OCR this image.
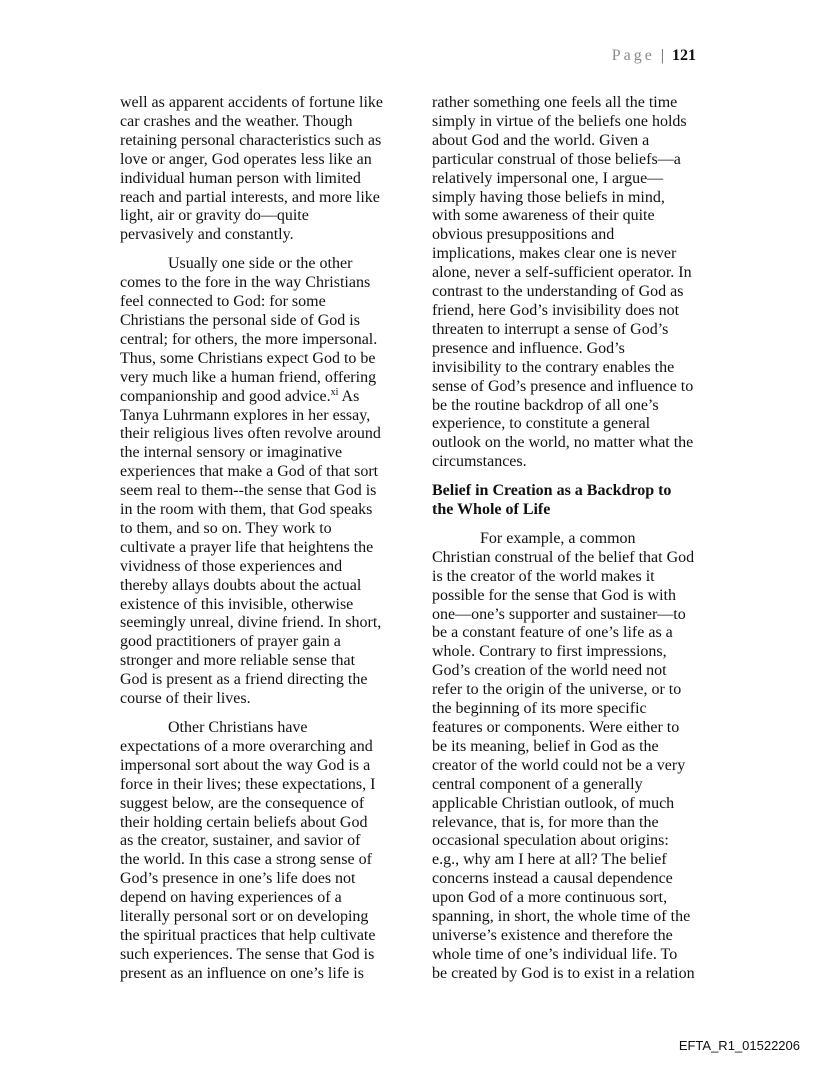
Page | 121
well as apparent accidents of fortune like
car crashes and the weather. Though
retaining personal characteristics such as
love or anger, God operates less like an
individual human person with limited
reach and partial interests, and more like
light, air or gravity do—quite
pervasively and constantly.
Usually one side or the other
comes to the fore in the way Christians
feel connected to God: for some
Christians the personal side of God is
central; for others, the more impersonal.
Thus, some Christians expect God to be
very much like a human friend, offering
companionship and good advice.$^{xi}$ As
Tanya Luhrmann explores in her essay,
their religious lives often revolve around
the internal sensory or imaginative
experiences that make a God of that sort
seem real to them--the sense that God is
in the room with them, that God speaks
to them, and so on. They work to
cultivate a prayer life that heightens the
vividness of those experiences and
thereby allays doubts about the actual
existence of this invisible, otherwise
seemingly unreal, divine friend. In short,
good practitioners of prayer gain a
stronger and more reliable sense that
God is present as a friend directing the
course of their lives.
Other Christians have
expectations of a more overarching and
impersonal sort about the way God is a
force in their lives; these expectations, I
suggest below, are the consequence of
their holding certain beliefs about God
as the creator, sustainer, and savior of
the world. In this case a strong sense of
God’s presence in one’s life does not
depend on having experiences of a
literally personal sort or on developing
the spiritual practices that help cultivate
such experiences. The sense that God is
present as an influence on one’s life is
rather something one feels all the time
simply in virtue of the beliefs one holds
about God and the world. Given a
particular construal of those beliefs—a
relatively impersonal one, I argue—
simply having those beliefs in mind,
with some awareness of their quite
obvious presuppositions and
implications, makes clear one is never
alone, never a self-sufficient operator. In
contrast to the understanding of God as
friend, here God’s invisibility does not
threaten to interrupt a sense of God’s
presence and influence. God’s
invisibility to the contrary enables the
sense of God’s presence and influence to
be the routine backdrop of all one’s
experience, to constitute a general
outlook on the world, no matter what the
circumstances.
Belief in Creation as a Backdrop to
the Whole of Life
For example, a common
Christian construal of the belief that God
is the creator of the world makes it
possible for the sense that God is with
one—one’s supporter and sustainer—to
be a constant feature of one’s life as a
whole. Contrary to first impressions,
God’s creation of the world need not
refer to the origin of the universe, or to
the beginning of its more specific
features or components. Were either to
be its meaning, belief in God as the
creator of the world could not be a very
central component of a generally
applicable Christian outlook, of much
relevance, that is, for more than the
occasional speculation about origins:
e.g., why am I here at all? The belief
concerns instead a causal dependence
upon God of a more continuous sort,
spanning, in short, the whole time of the
universe’s existence and therefore the
whole time of one’s individual life. To
be created by God is to exist in a relation
EFTA_R1_01522206
